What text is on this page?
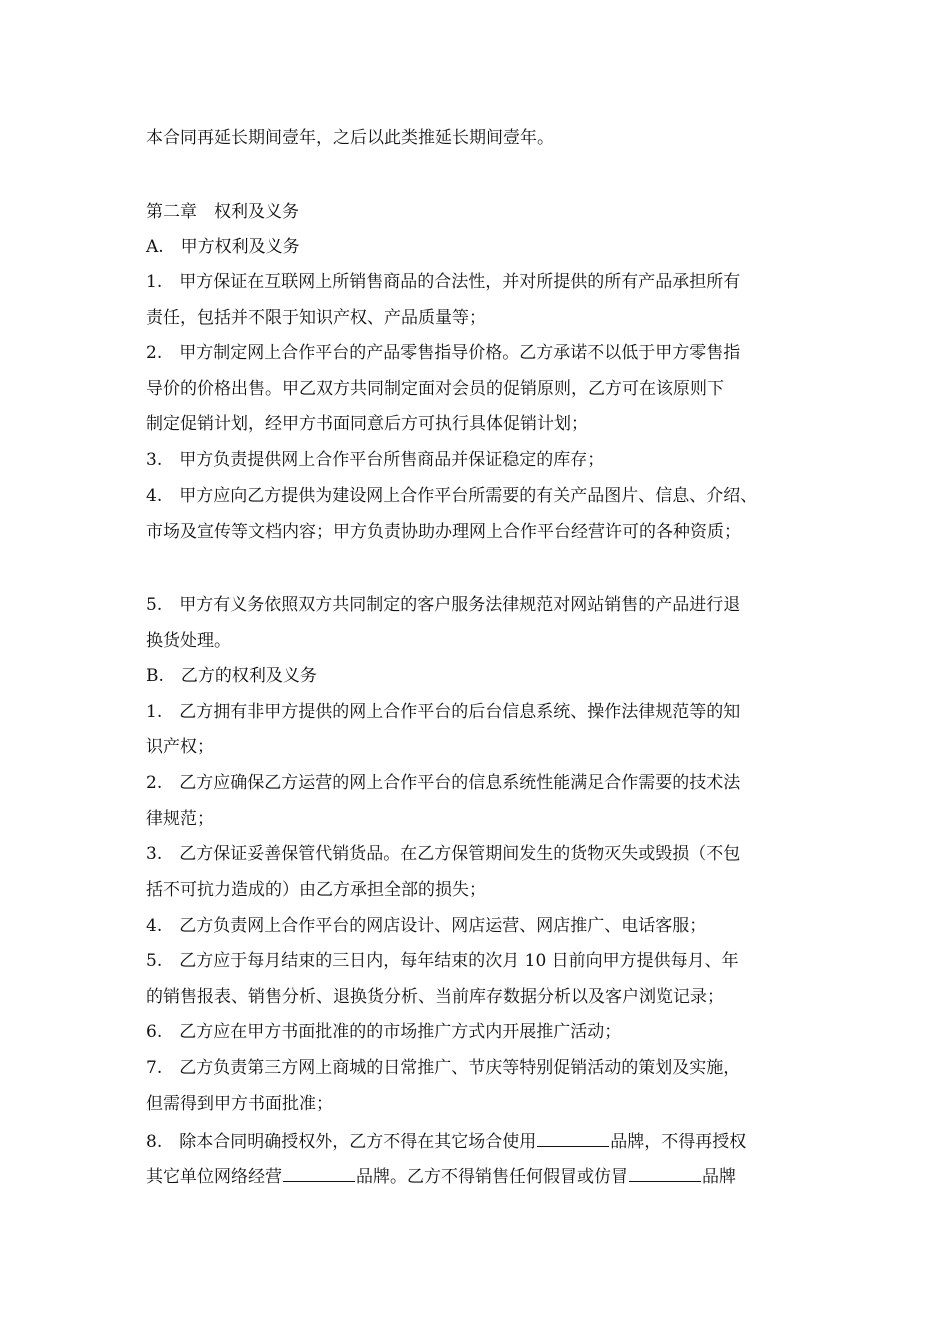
本合同再延长期间壹年，之后以此类推延长期间壹年。
第二章　权利及义务
A.　甲方权利及义务
1.　甲方保证在互联网上所销售商品的合法性，并对所提供的所有产品承担所有
责任，包括并不限于知识产权、产品质量等；
2.　甲方制定网上合作平台的产品零售指导价格。乙方承诺不以低于甲方零售指
导价的价格出售。甲乙双方共同制定面对会员的促销原则，乙方可在该原则下
制定促销计划，经甲方书面同意后方可执行具体促销计划；
3.　甲方负责提供网上合作平台所售商品并保证稳定的库存；
4.　甲方应向乙方提供为建设网上合作平台所需要的有关产品图片、信息、介绍、
市场及宣传等文档内容；甲方负责协助办理网上合作平台经营许可的各种资质；
5.　甲方有义务依照双方共同制定的客户服务法律规范对网站销售的产品进行退
换货处理。
B.　乙方的权利及义务
1.　乙方拥有非甲方提供的网上合作平台的后台信息系统、操作法律规范等的知
识产权；
2.　乙方应确保乙方运营的网上合作平台的信息系统性能满足合作需要的技术法
律规范；
3.　乙方保证妥善保管代销货品。在乙方保管期间发生的货物灭失或毁损（不包
括不可抗力造成的）由乙方承担全部的损失；
4.　乙方负责网上合作平台的网店设计、网店运营、网店推广、电话客服；
5.　乙方应于每月结束的三日内，每年结束的次月 10 日前向甲方提供每月、年
的销售报表、销售分析、退换货分析、当前库存数据分析以及客户浏览记录；
6.　乙方应在甲方书面批准的的市场推广方式内开展推广活动；
7.　乙方负责第三方网上商城的日常推广、节庆等特别促销活动的策划及实施，
但需得到甲方书面批准；
8.　除本合同明确授权外，乙方不得在其它场合使用	品牌，不得再授权
其它单位网络经营	品牌。乙方不得销售任何假冒或仿冒	品牌
